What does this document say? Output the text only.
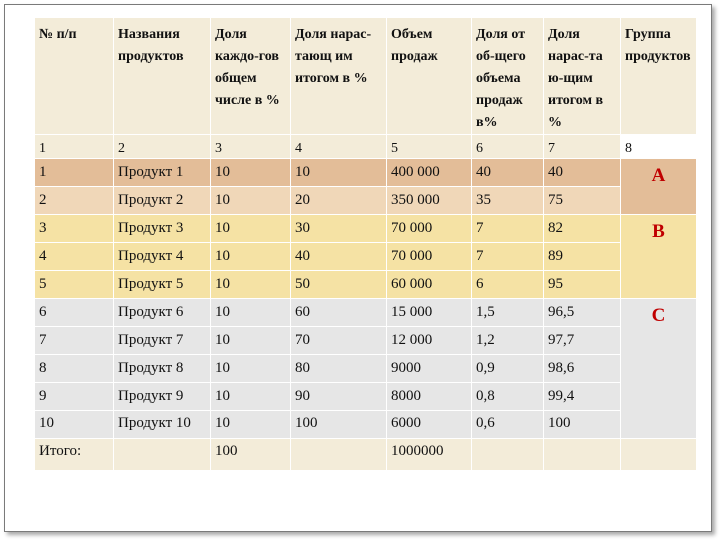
№ п/п	Названия продуктов	Доля каждо-гов общем числе в %	Доля нарас-тающ им итогом в %	Объем продаж	Доля от об-щего объема продаж в%	Доля нарас-та ю-щим итогом в %	Группа продуктов
1	2	3	4	5	6	7	8
1	Продукт 1	10	10	400 000	40	40	A
2	Продукт 2	10	20	350 000	35	75	
3	Продукт 3	10	30	70 000	7	82	B
4	Продукт 4	10	40	70 000	7	89	
5	Продукт 5	10	50	60 000	6	95	
6	Продукт 6	10	60	15 000	1,5	96,5	C
7	Продукт 7	10	70	12 000	1,2	97,7	
8	Продукт 8	10	80	9000	0,9	98,6	
9	Продукт 9	10	90	8000	0,8	99,4	
10	Продукт 10	10	100	6000	0,6	100	
Итого:		100		1000000			
